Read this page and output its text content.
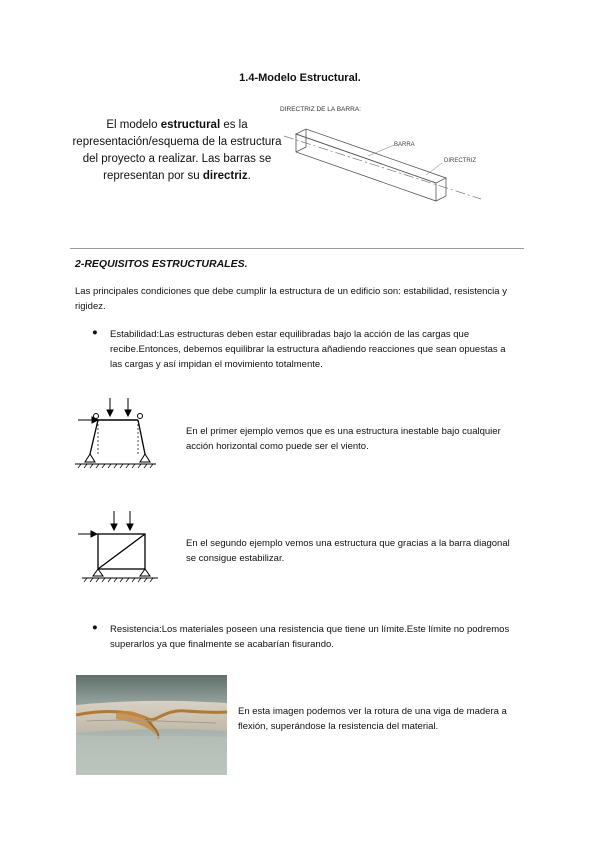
1.4-Modelo Estructural.
El modelo estructural es la representación/esquema de la estructura del proyecto a realizar. Las barras se representan por su directriz.
DIRECTRIZ DE LA BARRA:
BARRA
DIRECTRIZ
2-REQUISITOS ESTRUCTURALES.
Las principales condiciones que debe cumplir la estructura de un edificio son: estabilidad, resistencia y rigidez.
● Estabilidad:Las estructuras deben estar equilibradas bajo la acción de las cargas que recibe.Entonces, debemos equilibrar la estructura añadiendo reacciones que sean opuestas a las cargas y así impidan el movimiento totalmente.
En el primer ejemplo vemos que es una estructura inestable bajo cualquier acción horizontal como puede ser el viento.
En el segundo ejemplo vemos una estructura que gracias a la barra diagonal se consigue estabilizar.
● Resistencia:Los materiales poseen una resistencia que tiene un límite.Este límite no podremos superarlos ya que finalmente se acabarían fisurando.
En esta imagen podemos ver la rotura de una viga de madera a flexión, superándose la resistencia del material.
